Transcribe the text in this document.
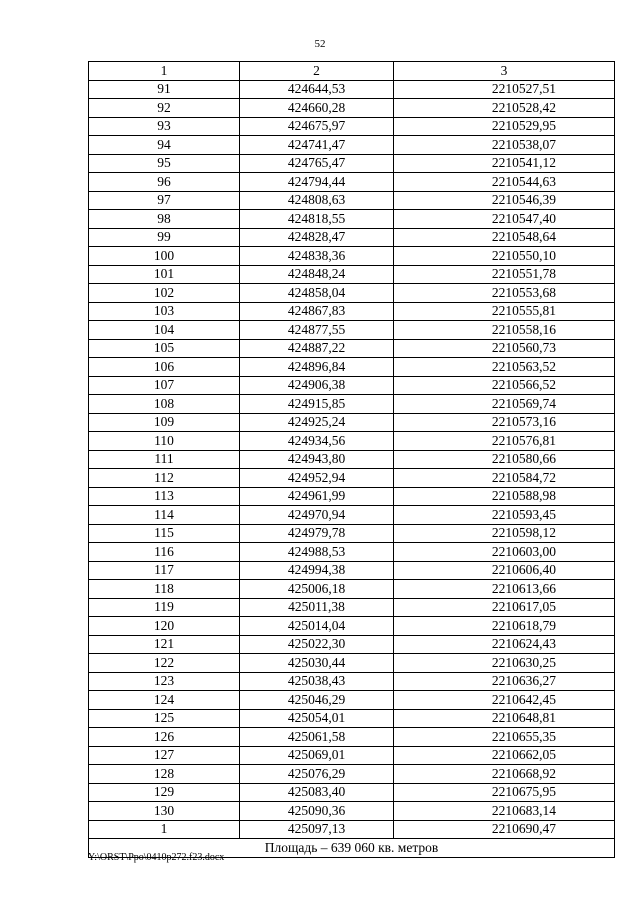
52
1	2	3
91	424644,53	2210527,51
92	424660,28	2210528,42
93	424675,97	2210529,95
94	424741,47	2210538,07
95	424765,47	2210541,12
96	424794,44	2210544,63
97	424808,63	2210546,39
98	424818,55	2210547,40
99	424828,47	2210548,64
100	424838,36	2210550,10
101	424848,24	2210551,78
102	424858,04	2210553,68
103	424867,83	2210555,81
104	424877,55	2210558,16
105	424887,22	2210560,73
106	424896,84	2210563,52
107	424906,38	2210566,52
108	424915,85	2210569,74
109	424925,24	2210573,16
110	424934,56	2210576,81
111	424943,80	2210580,66
112	424952,94	2210584,72
113	424961,99	2210588,98
114	424970,94	2210593,45
115	424979,78	2210598,12
116	424988,53	2210603,00
117	424994,38	2210606,40
118	425006,18	2210613,66
119	425011,38	2210617,05
120	425014,04	2210618,79
121	425022,30	2210624,43
122	425030,44	2210630,25
123	425038,43	2210636,27
124	425046,29	2210642,45
125	425054,01	2210648,81
126	425061,58	2210655,35
127	425069,01	2210662,05
128	425076,29	2210668,92
129	425083,40	2210675,95
130	425090,36	2210683,14
1	425097,13	2210690,47
Площадь – 639 060 кв. метров		
Y:\ORST\Ppo\0410p272.f23.docx
